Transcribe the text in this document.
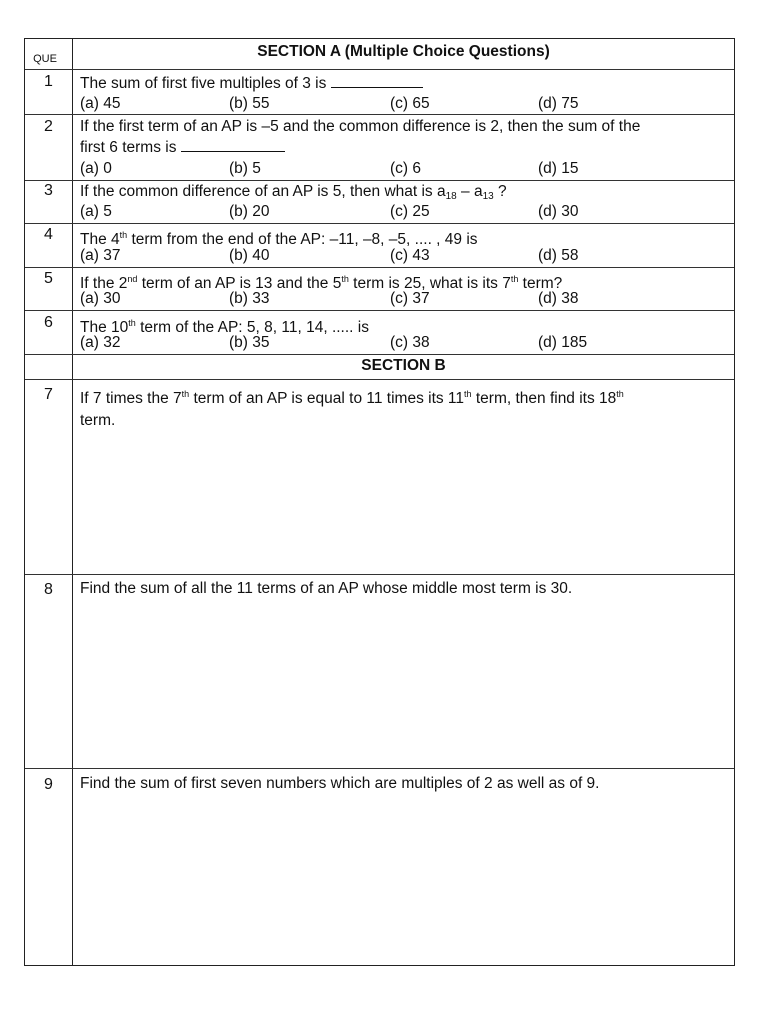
QUE	SECTION A (Multiple Choice Questions)
1	The sum of first five multiples of 3 is
(a) 45	(b) 55	(c) 65	(d) 75
2	If the first term of an AP is –5 and the common difference is 2, then the sum of the
first 6 terms is
(a) 0	(b) 5	(c) 6	(d) 15
3	If the common difference of an AP is 5, then what is $a_{18} - a_{13}$ ?
(a) 5	(b) 20	(c) 25	(d) 30
4	The 4th term from the end of the AP: –11, –8, –5, .... , 49 is
(a) 37	(b) 40	(c) 43	(d) 58
5	If the 2nd term of an AP is 13 and the 5th term is 25, what is its 7th term?
(a) 30	(b) 33	(c) 37	(d) 38
6	The 10th term of the AP: 5, 8, 11, 14, ..... is
(a) 32	(b) 35	(c) 38	(d) 185
SECTION B
7	If 7 times the 7th term of an AP is equal to 11 times its 11th term, then find its 18th
term.
8	Find the sum of all the 11 terms of an AP whose middle most term is 30.
9	Find the sum of first seven numbers which are multiples of 2 as well as of 9.
